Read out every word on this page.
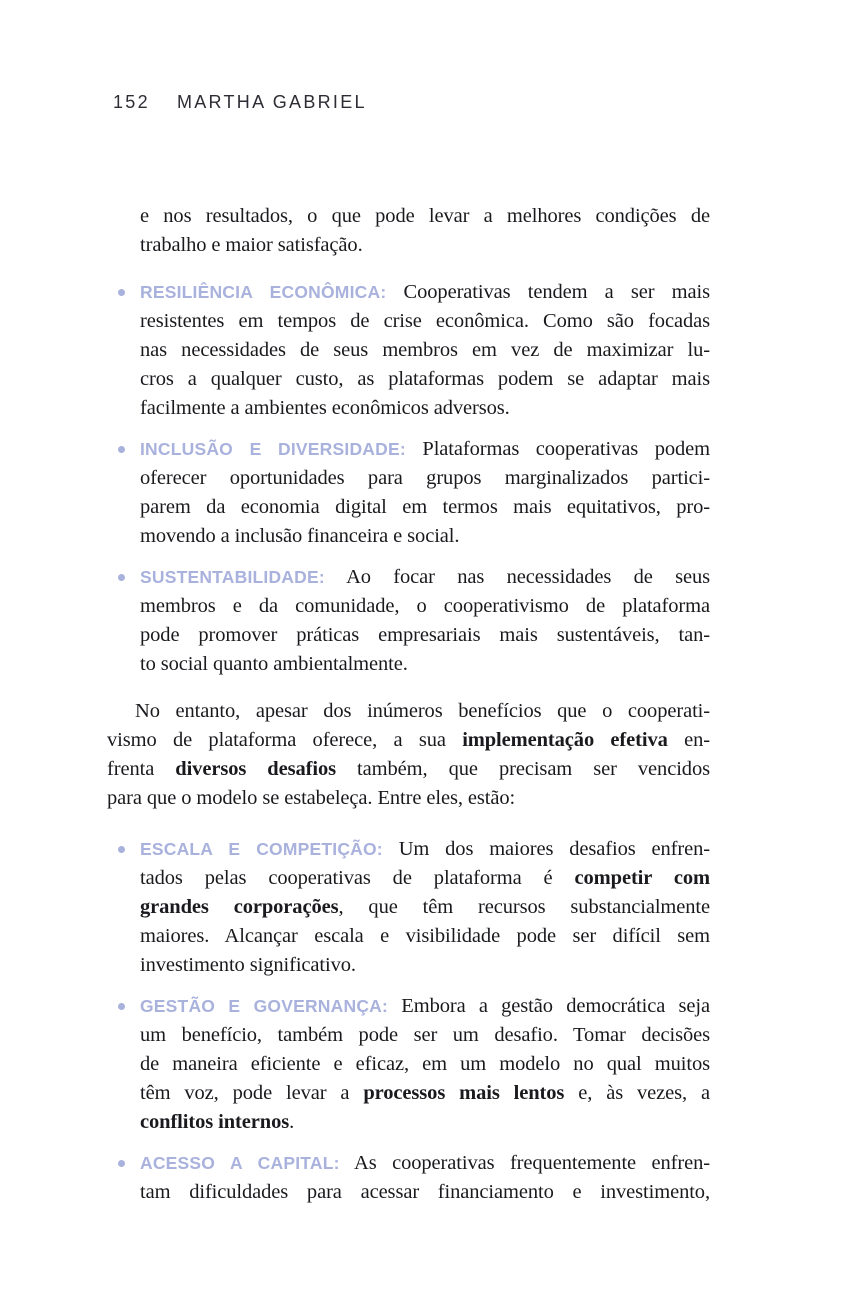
152 MARTHA GABRIEL
e nos resultados, o que pode levar a melhores condições de
trabalho e maior satisfação.
RESILIÊNCIA ECONÔMICA: Cooperativas tendem a ser mais
resistentes em tempos de crise econômica. Como são focadas
nas necessidades de seus membros em vez de maximizar lu-
cros a qualquer custo, as plataformas podem se adaptar mais
facilmente a ambientes econômicos adversos.
INCLUSÃO E DIVERSIDADE: Plataformas cooperativas podem
oferecer oportunidades para grupos marginalizados partici-
parem da economia digital em termos mais equitativos, pro-
movendo a inclusão financeira e social.
SUSTENTABILIDADE: Ao focar nas necessidades de seus
membros e da comunidade, o cooperativismo de plataforma
pode promover práticas empresariais mais sustentáveis, tan-
to social quanto ambientalmente.

No entanto, apesar dos inúmeros benefícios que o cooperati-
vismo de plataforma oferece, a sua implementação efetiva en-
frenta diversos desafios também, que precisam ser vencidos
para que o modelo se estabeleça. Entre eles, estão:

ESCALA E COMPETIÇÃO: Um dos maiores desafios enfren-
tados pelas cooperativas de plataforma é competir com
grandes corporações, que têm recursos substancialmente
maiores. Alcançar escala e visibilidade pode ser difícil sem
investimento significativo.
GESTÃO E GOVERNANÇA: Embora a gestão democrática seja
um benefício, também pode ser um desafio. Tomar decisões
de maneira eficiente e eficaz, em um modelo no qual muitos
têm voz, pode levar a processos mais lentos e, às vezes, a
conflitos internos.
ACESSO A CAPITAL: As cooperativas frequentemente enfren-
tam dificuldades para acessar financiamento e investimento,
